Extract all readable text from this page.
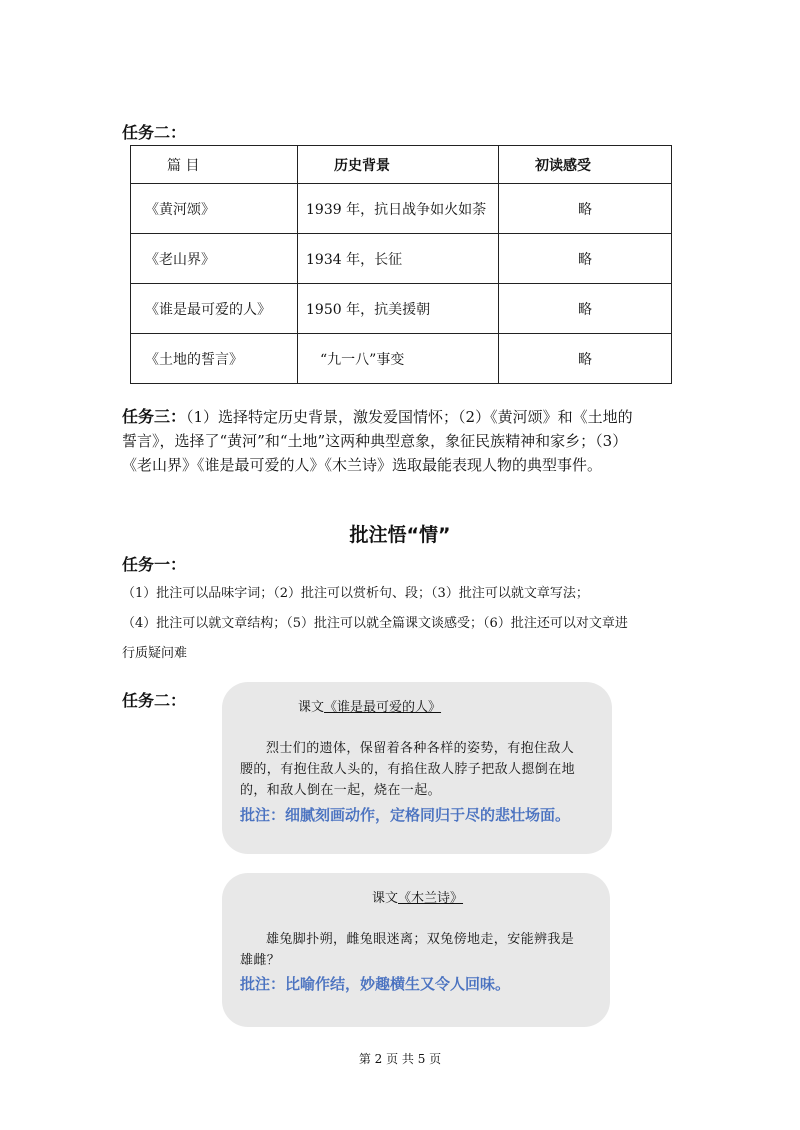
任务二：
篇 目	历史背景	初读感受
《黄河颂》	1939 年，抗日战争如火如荼	略
《老山界》	1934 年，长征	略
《谁是最可爱的人》	1950 年，抗美援朝	略
《土地的誓言》	“九一八”事变	略
任务三：（1）选择特定历史背景，激发爱国情怀；（2）《黄河颂》和《土地的
誓言》，选择了“黄河”和“土地”这两种典型意象，象征民族精神和家乡；（3）
《老山界》《谁是最可爱的人》《木兰诗》选取最能表现人物的典型事件。
批注悟“情”
任务一：
（1）批注可以品味字词；（2）批注可以赏析句、段；（3）批注可以就文章写法；
（4）批注可以就文章结构；（5）批注可以就全篇课文谈感受；（6）批注还可以对文章进
行质疑问难
任务二：	课文《谁是最可爱的人》
烈士们的遗体，保留着各种各样的姿势，有抱住敌人
腰的，有抱住敌人头的，有掐住敌人脖子把敌人摁倒在地
的，和敌人倒在一起，烧在一起。
批注：细腻刻画动作，定格同归于尽的悲壮场面。
课文《木兰诗》
雄兔脚扑朔，雌兔眼迷离；双兔傍地走，安能辨我是
雄雌？
批注：比喻作结，妙趣横生又令人回味。
第 2 页 共 5 页
